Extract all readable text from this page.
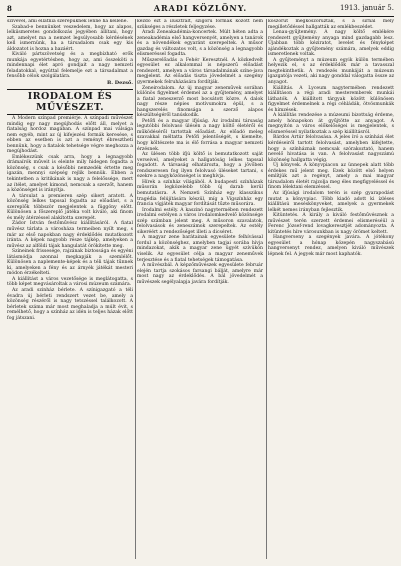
8	ARADI KÖZLÖNY.	1913. január 5.

szívével, ami ellátnia szerepüknek lenne ha kellene.

Szabad-e bennünket veszedelem, hogy az alapos, lelkiismeretes gondolkozás jegyében állítani, hogy azt, amelyet ma a nemzet legsúlyosabb kérdésének kell ismernünk, ha a társadalom csak egy kis áldozatot is hozna a hazáért.

Kiváló pártszövetség és a megbízható erők munkája egyetértésben, hogy az, ami összeköti a mindennapi élet apró gondjait a nagy nemzeti feladatokkal, egyúttal felemelje ezt a társadalmat a fensőbb célok szolgálatára.

B. Dezső.

IRODALOM ÉS MŰVÉSZET.

A Modern színpad premiérje. A színpadi művészet mindig egy nagy megújhodás előtt áll, melyet a fiatalság hordoz magában. A színpad mai válsága nem egyéb, mint az új kifejezési formák keresése, s ebben az esetben is azt a reményt ébresztheti bennünk, hogy a fiatalok tehetsége végre meghozza a megújhodást.

Emlékezzünk csak arra, hogy a legnagyobb drámaírók műveit is eleinte mily hidegen fogadta a közönség, s csak a későbbi nemzedék értette meg igazán, mennyi szépség rejlik bennük. Ebben a tekintetben a kritikának is nagy a felelőssége, mert az ítélet, amelyet kimond, nemcsak a szerzőt, hanem a közönséget is irányítja.

A társulat a premieren szép sikert aratott. A közönség lelkes tapssal fogadta az előadást, s a szereplők többször megjelentek a függöny előtt. Különösen a főszereplő játéka volt kiváló, aki finom és mély átérzéssel alakította szerepét.

Zádor István festőművész kiállításáról. A fiatal művész tárlata a városháza termeiben nyílt meg, s már az első napokban nagy érdeklődés mutatkozott iránta. A képek nagyobb része tájkép, amelyeken a művész az alföldi tájak hangulatát örökítette meg.

Színeinek frissesége, rajzának biztossága és egyéni látásmódja azonnal megkapják a szemlélőt. Különösen a naplemente-képek és a téli tájak tűnnek ki, amelyeken a fény és az árnyék játékát mesteri módon érzékelteti.

A kiállítást a város vezetősége is meglátogatta, s több képet megvásároltak a városi múzeum számára.

Az aradi szinház bérlete. A színigazgató a téli évadra új bérleti rendszert vezet be, amely a közönség részéről is nagy tetszéssel találkozott. A bérletek száma már most meghaladja a múlt évit, s remélhető, hogy a színház az idén is teljes házak előtt fog játszani.

kezdő ezt a ilusztrált, szigorú formák között nem szükséges a részletek feljegyzése.

Aradi Zeneakadémia-koncertek. Múlt héten adta a zeneakadémia első hangversenyét, amelyen a tanárok és a növendékek egyaránt szerepeltek. A műsor gazdag és változatos volt, s a közönség a legnagyobb elismeréssel fogadta.

Műszerelőadás a Fehér Keresztnél. A közkedvelt egyesület ez alkalommal is népszerű előadást rendezett, amelyen a város társadalmának színe-java megjelent. Az előadás tiszta jövedelmét a szegény gyermekek felruházására fordítják.

Zeneirodalom. Az új magyar zeneművek sorában különös figyelmet érdemel az a gyűjtemény, amelyet a fiatal zeneszerző most bocsátott közre. A dalok nagy része népies motívumokra épül, s a hangszerelés finomsága a szerző alapos készültségéről tanúskodik.

Petőfi és a magyar ifjúság. Az irodalmi társaság legutóbbi felolvasó ülésén a nagy költő életéről és működéséről tartottak előadást. Az előadó meleg szavakkal méltatta Petőfi jelentőségét, s kiemelte, hogy költészete ma is élő forrása a magyar nemzeti érzésnek.

Az ülésen több ifjú költő is bemutatkozott saját verseivel, amelyeket a hallgatóság lelkes tapssal fogadott. A társaság elhatározta, hogy a jövőben rendszeresen fog ilyen felolvasó üléseket tartani, s ezekre a nagyközönséget is meghívja.

Hírek a színház világából. A budapesti színházak műsorán legközelebb több új darab kerül bemutatásra. A Nemzeti Színház egy klasszikus tragédia felújítására készül, míg a Vígszínház egy francia vígjáték magyar fordítását tűzte műsorára.

Irodalmi estély. A kaszinó nagytermében rendezett irodalmi estélyen a város irodalomkedvelő közönsége szép számban jelent meg. A műsoron szavalatok, felolvasások és zeneszámok szerepeltek. Az estély sikeréért a rendezőséget illeti a dicséret.

A magyar zene barátainak egyesülete felhívással fordul a közönséghez, amelyben tagjai sorába hívja mindazokat, akik a magyar zene ügyét szívükön viselik. Az egyesület célja a magyar zeneművek terjesztése és a fiatal tehetségek támogatása.

A művészbál. A képzőművészek egyesülete február elején tartja szokásos farsangi bálját, amelyre már most nagy az érdeklődés. A bál jövedelmét a művészek segélyalapja javára fordítják.

koszorút megkoszorúzták, s a sírnál mély megilletődéssel hallgatták az emlékbeszédet.

Lenau-gyűjtemény. A nagy költő emlékére rendezett gyűjtemény anyaga mind gazdagabb lesz. Újabban több kéziratot, levelet és fényképet ajándékoztak a gyűjtemény számára, amelyek eddig ismeretlenek voltak.

A gyűjteményt a múzeum egyik külön termében helyezik el, s az érdeklődők már a tavasszal megtekinthetik. A rendezés munkáját a múzeum igazgatója vezeti, aki nagy gonddal válogatta össze az anyagot.

Kiállítás. A Lyceum nagytermében rendezett kiállításon a régi aradi mesteremberek munkái láthatók. A kiállított tárgyak között különösen figyelmet érdemelnek a régi céhládák, ötvösmunkák és hímzések.

A kiállítás rendezése a múzeumi bizottság érdeme, amely hónapokon át gyűjtötte az anyagot. A megnyitón a város előkelőségei is megjelentek, s elismeréssel nyilatkoztak a szép kiállításról.

Bárdos Artúr felolvasása. A jeles író a színházi élet kérdéseiről tartott felolvasást, amelyben kifejtette, hogy a színháznak nemcsak szórakoztató, hanem nevelő hivatása is van. A felolvasást nagyszámú közönség hallgatta végig.

Új könyvek. A könyvpiacon az ünnepek alatt több érdekes mű jelent meg. Ezek között első helyen említjük azt a regényt, amely a mai magyar társadalom életét rajzolja meg éles megfigyeléssel és finom lélektani elemzéssel.

Az ifjúsági irodalom terén is szép gyarapodást mutat a könyvpiac. Több kiadó adott ki ízléses kiállítású meséskönyveket, amelyek a gyermekek lelkét nemes irányban fejlesztik.

Kitüntetés. A király a kiváló festőművésznek a művészet terén szerzett érdemei elismeréséül a Ferenc József-rend lovagkeresztjét adományozta. A kitüntetés híre városunkban is nagy örömet keltett.

Hangverseny a szegények javára. A jótékony egyesület a hónap közepén nagyszabású hangversenyt rendez, amelyen kiváló művészek lépnek fel. A jegyek már most kaphatók.
